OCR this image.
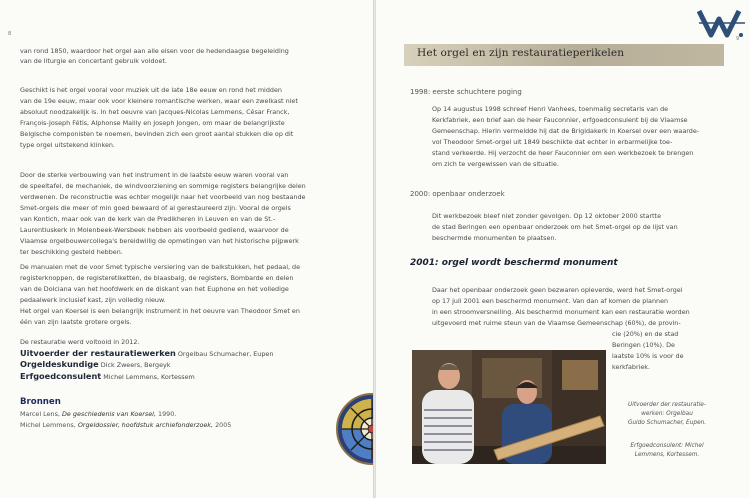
8

van rond 1850, waardoor het orgel aan alle eisen voor de hedendaagse begeleiding

van de liturgie en concertant gebruik voldoet.

Geschikt is het orgel vooral voor muziek uit de late 18e eeuw en rond het midden

van de 19e eeuw, maar ook voor kleinere romantische werken, waar een zwelkast niet

absoluut noodzakelijk is. In het oeuvre van Jacques-Nicolas Lemmens, César Franck,

François-Joseph Fétis, Alphonse Mailly en Joseph Jongen, om maar de belangrijkste

Belgische componisten te noemen, bevinden zich een groot aantal stukken die op dit

type orgel uitstekend klinken.

Door de sterke verbouwing van het instrument in de laatste eeuw waren vooral van

de speeltafel, de mechaniek, de windvoorziening en sommige registers belangrijke delen

verdwenen. De reconstructie was echter mogelijk naar het voorbeeld van nog bestaande

Smet-orgels die meer of min goed bewaard of al gerestaureerd zijn. Vooral de orgels

van Kontich, maar ook van de kerk van de Predikheren in Leuven en van de St.-

Laurentiuskerk in Molenbeek-Wersbeek hebben als voorbeeld gediend, waarvoor de

Vlaamse orgelbouwercollega's bereidwillig de opmetingen van het historische pijpwerk

ter beschikking gesteld hebben.

De manualen met de voor Smet typische versiering van de balkstukken, het pedaal, de

registerknoppen, de registeretiketten, de blaasbalg, de registers, Bombarde en delen

van de Dolciana van het hoofdwerk en de diskant van het Euphone en het volledige

pedaalwerk inclusief kast, zijn volledig nieuw.

Het orgel van Koersel is een belangrijk instrument in het oeuvre van Theodoor Smet en

één van zijn laatste grotere orgels.

De restauratie werd voltooid in 2012.
Uitvoerder der restauratiewerken Orgelbau Schumacher, Eupen
Orgeldeskundige Dick Zweers, Bergeyk
Erfgoedconsulent Michel Lemmens, Kortessem
Bronnen
Marcel Lens, De geschiedenis van Koersel, 1990.
Michel Lemmens, Orgeldossier, hoofdstuk archiefonderzoek, 2005
Het orgel en zijn restauratieperikelen
1998: eerste schuchtere poging

Op 14 augustus 1998 schreef Henri Vanhees, toenmalig secretaris van de

Kerkfabriek, een brief aan de heer Fauconnier, erfgoedconsulent bij de Vlaamse

Gemeenschap. Hierin vermeldde hij dat de Brigidakerk in Koersel over een waarde-

vol Theodoor Smet-orgel uit 1849 beschikte dat echter in erbarmelijke toe-

stand verkeerde. Hij verzocht de heer Fauconnier om een werkbezoek te brengen

om zich te vergewissen van de situatie.

2000: openbaar onderzoek

Dit werkbezoek bleef niet zonder gevolgen. Op 12 oktober 2000 startte

de stad Beringen een openbaar onderzoek om het Smet-orgel op de lijst van

beschermde monumenten te plaatsen.

2001: orgel wordt beschermd monument

Daar het openbaar onderzoek geen bezwaren opleverde, werd het Smet-orgel

op 17 juli 2001 een beschermd monument. Van dan af komen de plannen

in een stroomversnelling. Als beschermd monument kan een restauratie worden

uitgevoerd met ruime steun van de Vlaamse Gemeenschap (60%), de provin-

cie (20%) en de stad

Beringen (10%). De

laatste 10% is voor de

kerkfabriek.

Uitvoerder der restauratie-
werken: Orgelbau
Guido Schumacher, Eupen.
Erfgoedconsulent: Michel
Lemmens, Kortessem.
9
